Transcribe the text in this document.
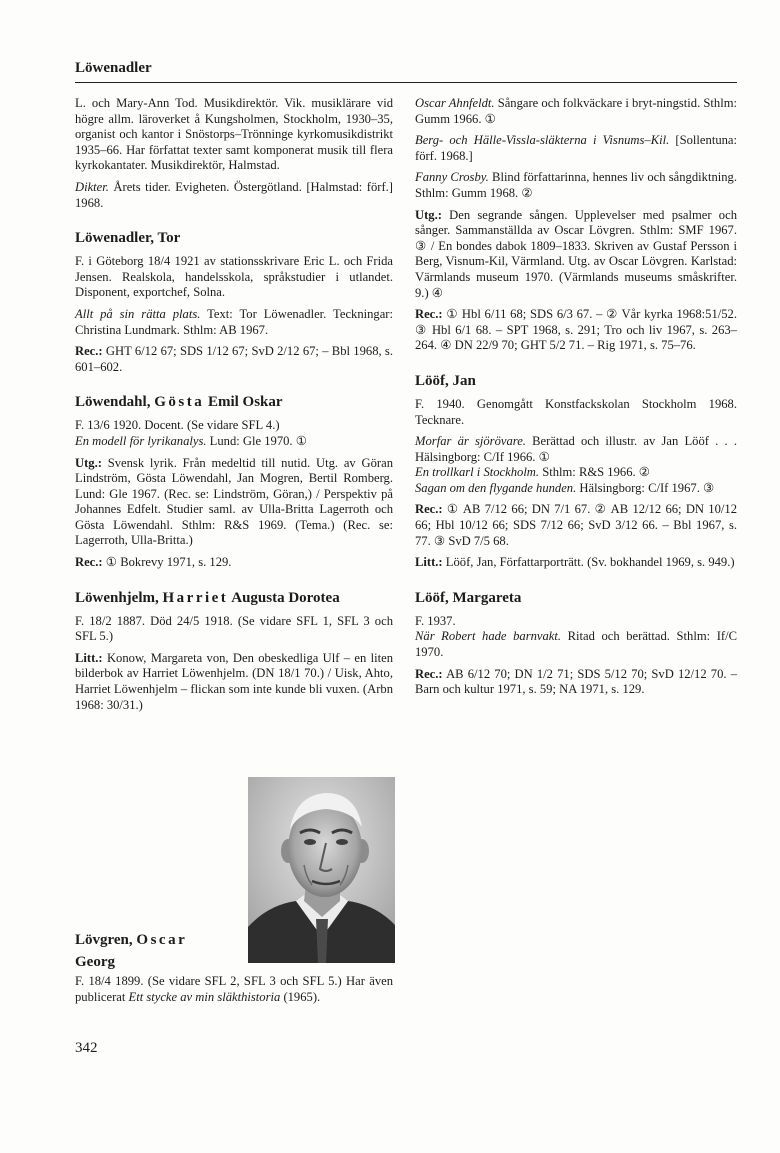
Löwenadler

L. och Mary-Ann Tod. Musikdirektör. Vik. musiklärare vid högre allm. läroverket å Kungsholmen, Stockholm, 1930–35, organist och kantor i Snöstorps–Trönninge kyrkomusikdistrikt 1935–66. Har författat texter samt komponerat musik till flera kyrkokantater. Musikdirektör, Halmstad.

Dikter. Årets tider. Evigheten. Östergötland. [Halmstad: förf.] 1968.

Löwenadler, Tor

F. i Göteborg 18/4 1921 av stationsskrivare Eric L. och Frida Jensen. Realskola, handelsskola, språkstudier i utlandet. Disponent, exportchef, Solna.

Allt på sin rätta plats. Text: Tor Löwenadler. Teckningar: Christina Lundmark. Sthlm: AB 1967.

Rec.: GHT 6/12 67; SDS 1/12 67; SvD 2/12 67; – Bbl 1968, s. 601–602.

Löwendahl, Gösta Emil Oskar

F. 13/6 1920. Docent. (Se vidare SFL 4.)

En modell för lyrikanalys. Lund: Gle 1970. ①

Utg.: Svensk lyrik. Från medeltid till nutid. Utg. av Göran Lindström, Gösta Löwendahl, Jan Mogren, Bertil Romberg. Lund: Gle 1967. (Rec. se: Lindström, Göran,) / Perspektiv på Johannes Edfelt. Studier saml. av Ulla-Britta Lagerroth och Gösta Löwendahl. Sthlm: R&S 1969. (Tema.) (Rec. se: Lagerroth, Ulla-Britta.)

Rec.: ① Bokrevy 1971, s. 129.

Löwenhjelm, Harriet Augusta Dorotea

F. 18/2 1887. Död 24/5 1918. (Se vidare SFL 1, SFL 3 och SFL 5.)

Litt.: Konow, Margareta von, Den obeskedliga Ulf – en liten bilderbok av Harriet Löwenhjelm. (DN 18/1 70.) / Uisk, Ahto, Harriet Löwenhjelm – flickan som inte kunde bli vuxen. (Arbn 1968: 30/31.)

Lövgren, Oscar
Georg
F. 18/4 1899. (Se vidare SFL 2, SFL 3 och SFL 5.) Har även publicerat Ett stycke av min släkthistoria (1965).
342

Oscar Ahnfeldt. Sångare och folkväckare i bryt-ningstid. Sthlm: Gumm 1966. ①

Berg- och Hälle-Vissla-släkterna i Visnums–Kil. [Sollentuna: förf. 1968.]

Fanny Crosby. Blind författarinna, hennes liv och sångdiktning. Sthlm: Gumm 1968. ②

Utg.: Den segrande sången. Upplevelser med psalmer och sånger. Sammanställda av Oscar Lövgren. Sthlm: SMF 1967. ③ / En bondes dabok 1809–1833. Skriven av Gustaf Persson i Berg, Visnum-Kil, Värmland. Utg. av Oscar Lövgren. Karlstad: Värmlands museum 1970. (Värmlands museums småskrifter. 9.) ④

Rec.: ① Hbl 6/11 68; SDS 6/3 67. – ② Vår kyrka 1968:51/52. ③ Hbl 6/1 68. – SPT 1968, s. 291; Tro och liv 1967, s. 263–264. ④ DN 22/9 70; GHT 5/2 71. – Rig 1971, s. 75–76.

Lööf, Jan

F. 1940. Genomgått Konstfackskolan Stockholm 1968. Tecknare.

Morfar är sjörövare. Berättad och illustr. av Jan Lööf . . . Hälsingborg: C/If 1966. ①

En trollkarl i Stockholm. Sthlm: R&S 1966. ②

Sagan om den flygande hunden. Hälsingborg: C/If 1967. ③

Rec.: ① AB 7/12 66; DN 7/1 67. ② AB 12/12 66; DN 10/12 66; Hbl 10/12 66; SDS 7/12 66; SvD 3/12 66. – Bbl 1967, s. 77. ③ SvD 7/5 68.

Litt.: Lööf, Jan, Författarporträtt. (Sv. bokhandel 1969, s. 949.)

Lööf, Margareta

F. 1937.

När Robert hade barnvakt. Ritad och berättad. Sthlm: If/C 1970.

Rec.: AB 6/12 70; DN 1/2 71; SDS 5/12 70; SvD 12/12 70. – Barn och kultur 1971, s. 59; NA 1971, s. 129.
